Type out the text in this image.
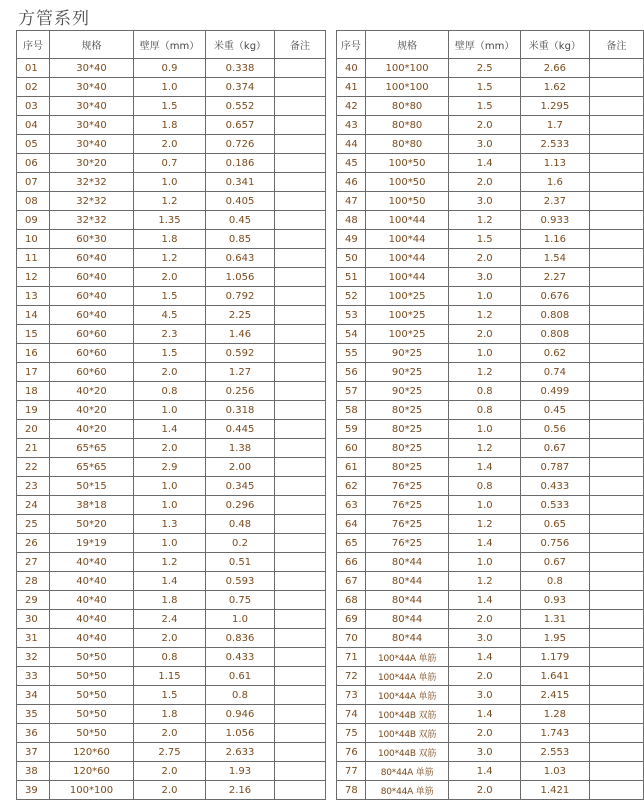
方管系列
序号	规格	壁厚（mm）	米重（kg）	备注
01	30*40	0.9	0.338	
02	30*40	1.0	0.374	
03	30*40	1.5	0.552	
04	30*40	1.8	0.657	
05	30*40	2.0	0.726	
06	30*20	0.7	0.186	
07	32*32	1.0	0.341	
08	32*32	1.2	0.405	
09	32*32	1.35	0.45	
10	60*30	1.8	0.85	
11	60*40	1.2	0.643	
12	60*40	2.0	1.056	
13	60*40	1.5	0.792	
14	60*40	4.5	2.25	
15	60*60	2.3	1.46	
16	60*60	1.5	0.592	
17	60*60	2.0	1.27	
18	40*20	0.8	0.256	
19	40*20	1.0	0.318	
20	40*20	1.4	0.445	
21	65*65	2.0	1.38	
22	65*65	2.9	2.00	
23	50*15	1.0	0.345	
24	38*18	1.0	0.296	
25	50*20	1.3	0.48	
26	19*19	1.0	0.2	
27	40*40	1.2	0.51	
28	40*40	1.4	0.593	
29	40*40	1.8	0.75	
30	40*40	2.4	1.0	
31	40*40	2.0	0.836	
32	50*50	0.8	0.433	
33	50*50	1.15	0.61	
34	50*50	1.5	0.8	
35	50*50	1.8	0.946	
36	50*50	2.0	1.056	
37	120*60	2.75	2.633	
38	120*60	2.0	1.93	
39	100*100	2.0	2.16	
序号	规格	壁厚（mm）	米重（kg）	备注
40	100*100	2.5	2.66	
41	100*100	1.5	1.62	
42	80*80	1.5	1.295	
43	80*80	2.0	1.7	
44	80*80	3.0	2.533	
45	100*50	1.4	1.13	
46	100*50	2.0	1.6	
47	100*50	3.0	2.37	
48	100*44	1.2	0.933	
49	100*44	1.5	1.16	
50	100*44	2.0	1.54	
51	100*44	3.0	2.27	
52	100*25	1.0	0.676	
53	100*25	1.2	0.808	
54	100*25	2.0	0.808	
55	90*25	1.0	0.62	
56	90*25	1.2	0.74	
57	90*25	0.8	0.499	
58	80*25	0.8	0.45	
59	80*25	1.0	0.56	
60	80*25	1.2	0.67	
61	80*25	1.4	0.787	
62	76*25	0.8	0.433	
63	76*25	1.0	0.533	
64	76*25	1.2	0.65	
65	76*25	1.4	0.756	
66	80*44	1.0	0.67	
67	80*44	1.2	0.8	
68	80*44	1.4	0.93	
69	80*44	2.0	1.31	
70	80*44	3.0	1.95	
71	100*44A 单筋	1.4	1.179	
72	100*44A 单筋	2.0	1.641	
73	100*44A 单筋	3.0	2.415	
74	100*44B 双筋	1.4	1.28	
75	100*44B 双筋	2.0	1.743	
76	100*44B 双筋	3.0	2.553	
77	80*44A 单筋	1.4	1.03	
78	80*44A 单筋	2.0	1.421	
